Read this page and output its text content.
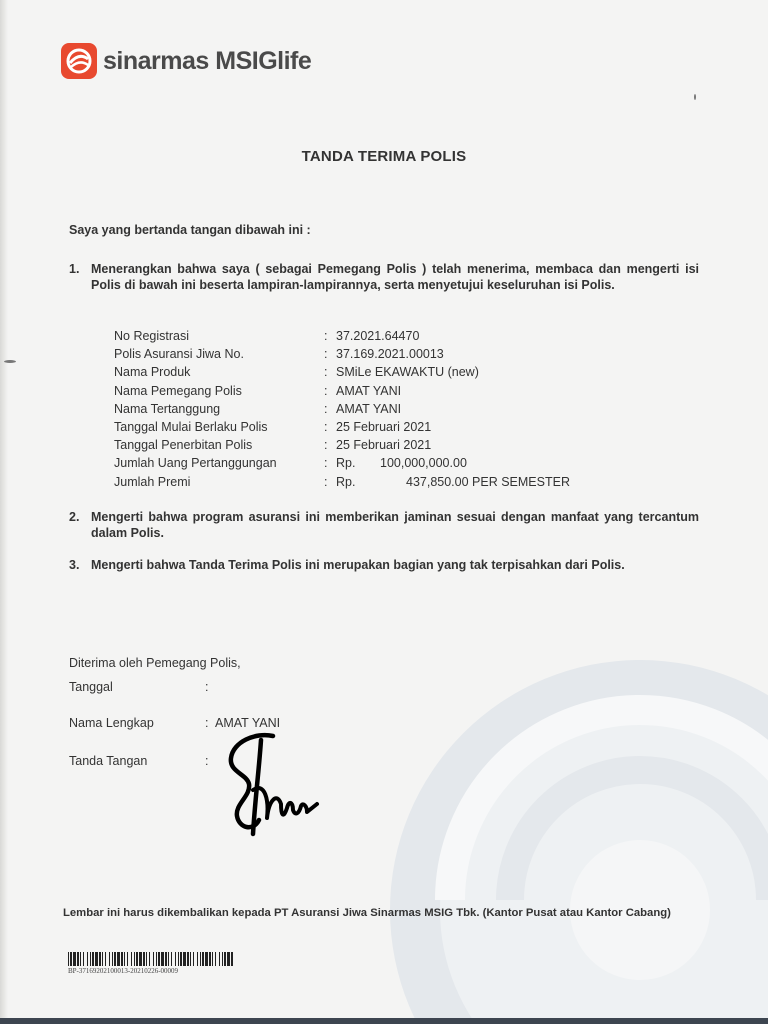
sinarmas MSIGlife
TANDA TERIMA POLIS
Saya yang bertanda tangan dibawah ini :
1. Menerangkan bahwa saya ( sebagai Pemegang Polis ) telah menerima, membaca dan mengerti isi Polis di bawah ini beserta lampiran-lampirannya, serta menyetujui keseluruhan isi Polis.
No Registrasi	: 37.2021.64470
Polis Asuransi Jiwa No.	: 37.169.2021.00013
Nama Produk	: SMiLe EKAWAKTU (new)
Nama Pemegang Polis	: AMAT YANI
Nama Tertanggung	: AMAT YANI
Tanggal Mulai Berlaku Polis	: 25 Februari 2021
Tanggal Penerbitan Polis	: 25 Februari 2021
Jumlah Uang Pertanggungan	: Rp. 100,000,000.00
Jumlah Premi	: Rp.	437,850.00 PER SEMESTER
2. Mengerti bahwa program asuransi ini memberikan jaminan sesuai dengan manfaat yang tercantum dalam Polis.
3. Mengerti bahwa Tanda Terima Polis ini merupakan bagian yang tak terpisahkan dari Polis.
Diterima oleh Pemegang Polis,
Tanggal	:
Nama Lengkap	: AMAT YANI
Tanda Tangan	:
Lembar ini harus dikembalikan kepada PT Asuransi Jiwa Sinarmas MSIG Tbk. (Kantor Pusat atau Kantor Cabang)
BP-37169202100013-20210226-00009
